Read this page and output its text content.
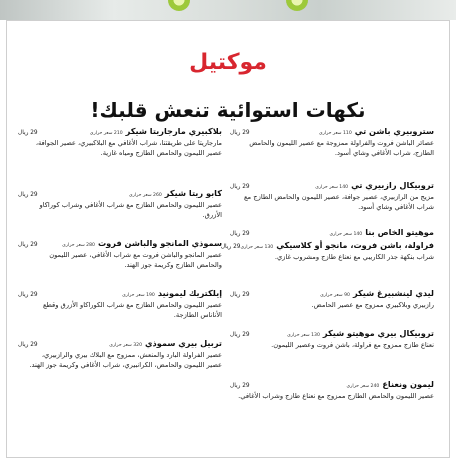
موكتيل
نكهات استوائية تنعش قلبك!
ستروبيري باشن تي
110 سعر حراري
29 ريال
عصائر الباشن فروت والفراولة ممزوجة مع عصير الليمون والحامض الطازج، شراب الأغافي وشاي أسود.
تروبيكال رازبيري تي
140 سعر حراري
29 ريال
مزيج من الرازبيري، عصير جوافة، عصير الليمون والحامض الطازج مع شراب الأغافي وشاي أسود.
موهيتو الخاص بنا
140 سعر حراري
29 ريال
فراولة، باشن فروت، مانجو أو كلاسيكي
130 سعر حراري
29 ريال
شراب بنكهة جذر الكاريبي مع نعناع طازج ومشروب غازي.
ليدي لينشبيرغ شيكر
90 سعر حراري
29 ريال
رازبيري وبلاكبيري ممزوج مع عصير الحامض.
تروبيكال بيري موهيتو شيكر
130 سعر حراري
29 ريال
نعناع طازج ممزوج مع فراولة، باشن فروت وعصير الليمون.
ليمون ونعناع
240 سعر حراري
29 ريال
عصير الليمون والحامض الطازج ممزوج مع نعناع طازج وشراب الأغافي.
بلاكبيري مارجاريتا شيكر
210 سعر حراري
29 ريال
مارجاريتا على طريقتنا، شراب الأغافي مع البلاكبيري، عصير الجوافة، عصير الليمون والحامض الطازج ومياه غازية.
كابو ريتا شيكر
260 سعر حراري
29 ريال
عصير الليمون والحامض الطازج مع شراب الأغافي وشراب كوراكاو الأزرق.
سموذي المانجو والباشن فروت
280 سعر حراري
29 ريال
عصير المانجو والباشن فروت مع شراب الأغافي، عصير الليمون والحامض الطازج وكريمة جوز الهند.
إيلكتريك ليمونيد
190 سعر حراري
29 ريال
عصير الليمون والحامض الطازج مع شراب الكوراكاو الأزرق وقطع الأناناس الطازجة.
تربيل بيري سموذي
320 سعر حراري
29 ريال
عصير الفراولة البارد والمنعش، ممزوج مع البلاك بيري والرازبيري، عصير الليمون والحامض، الكرانبيري، شراب الأغافي وكريمة جوز الهند.
